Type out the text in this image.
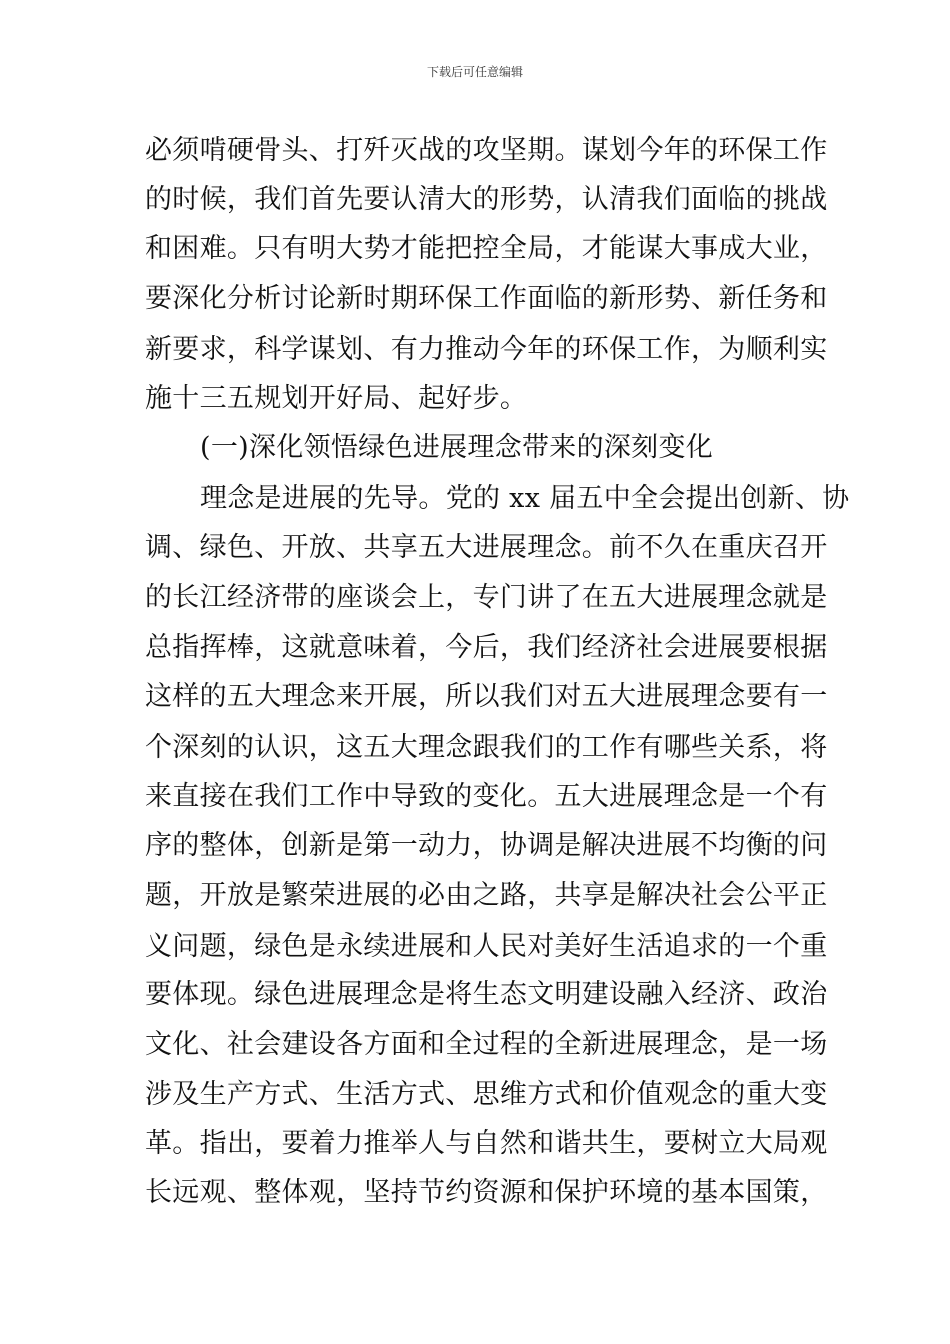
下载后可任意编辑
必须啃硬骨头、打歼灭战的攻坚期。谋划今年的环保工作
的时候，我们首先要认清大的形势，认清我们面临的挑战
和困难。只有明大势才能把控全局，才能谋大事成大业，
要深化分析讨论新时期环保工作面临的新形势、新任务和
新要求，科学谋划、有力推动今年的环保工作，为顺利实
施十三五规划开好局、起好步。
(一)深化领悟绿色进展理念带来的深刻变化
理念是进展的先导。党的 xx 届五中全会提出创新、协
调、绿色、开放、共享五大进展理念。前不久在重庆召开
的长江经济带的座谈会上，专门讲了在五大进展理念就是
总指挥棒，这就意味着，今后，我们经济社会进展要根据
这样的五大理念来开展，所以我们对五大进展理念要有一
个深刻的认识，这五大理念跟我们的工作有哪些关系，将
来直接在我们工作中导致的变化。五大进展理念是一个有
序的整体，创新是第一动力，协调是解决进展不均衡的问
题，开放是繁荣进展的必由之路，共享是解决社会公平正
义问题，绿色是永续进展和人民对美好生活追求的一个重
要体现。绿色进展理念是将生态文明建设融入经济、政治
文化、社会建设各方面和全过程的全新进展理念，是一场
涉及生产方式、生活方式、思维方式和价值观念的重大变
革。指出，要着力推举人与自然和谐共生，要树立大局观
长远观、整体观，坚持节约资源和保护环境的基本国策，
